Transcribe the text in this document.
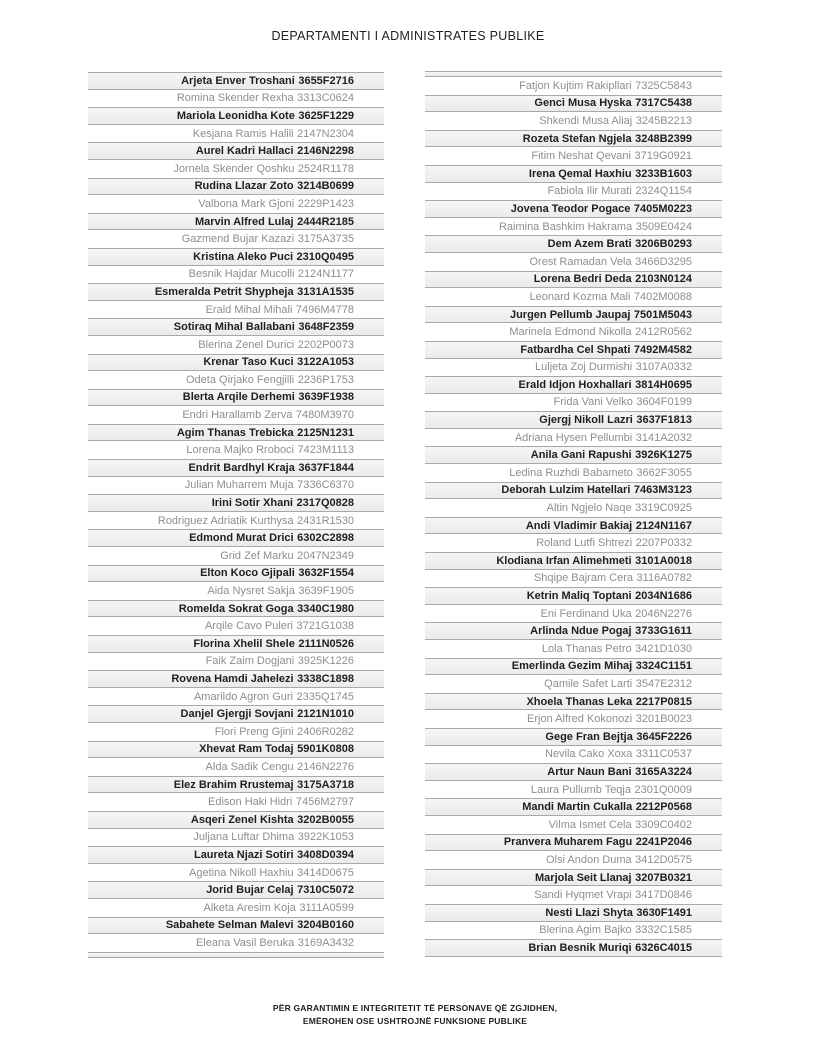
DEPARTAMENTI I ADMINISTRATES PUBLIKE
Arjeta Enver Troshani 3655F2716
Romina Skender Rexha 3313C0624
Mariola Leonidha Kote 3625F1229
Kesjana Ramis Halili 2147N2304
Aurel Kadri Hallaci 2146N2298
Jornela Skender Qoshku 2524R1178
Rudina Llazar Zoto 3214B0699
Valbona Mark Gjoni 2229P1423
Marvin Alfred Lulaj 2444R2185
Gazmend Bujar Kazazi 3175A3735
Kristina Aleko Puci 2310Q0495
Besnik Hajdar Mucolli 2124N1177
Esmeralda Petrit Shypheja 3131A1535
Erald Mihal Mihali 7496M4778
Sotiraq Mihal Ballabani 3648F2359
Blerina Zenel Durici 2202P0073
Krenar Taso Kuci 3122A1053
Odeta Qirjako Fengjilli 2236P1753
Blerta Arqile Derhemi 3639F1938
Endri Harallamb Zerva 7480M3970
Agim Thanas Trebicka 2125N1231
Lorena Majko Rroboci 7423M1113
Endrit Bardhyl Kraja 3637F1844
Julian Muharrem Muja 7336C6370
Irini Sotir Xhani 2317Q0828
Rodriguez Adriatik Kurthysa 2431R1530
Edmond Murat Drici 6302C2898
Grid Zef Marku 2047N2349
Elton Koco Gjipali 3632F1554
Aida Nysret Sakja 3639F1905
Romelda Sokrat Goga 3340C1980
Arqile Cavo Puleri 3721G1038
Florina Xhelil Shele 2111N0526
Faik Zaim Dogjani 3925K1226
Rovena Hamdi Jahelezi 3338C1898
Amarildo Agron Guri 2335Q1745
Danjel Gjergji Sovjani 2121N1010
Flori Preng Gjini 2406R0282
Xhevat Ram Todaj 5901K0808
Alda Sadik Cengu 2146N2276
Elez Brahim Rrustemaj 3175A3718
Edison Haki Hidri 7456M2797
Asqeri Zenel Kishta 3202B0055
Juljana Luftar Dhima 3922K1053
Laureta Njazi Sotiri 3408D0394
Agetina Nikoll Haxhiu 3414D0675
Jorid Bujar Celaj 7310C5072
Alketa Aresim Koja 3111A0599
Sabahete Selman Malevi 3204B0160
Eleana Vasil Beruka 3169A3432
Fatjon Kujtim Rakipllari 7325C5843
Genci Musa Hyska 7317C5438
Shkendi Musa Aliaj 3245B2213
Rozeta Stefan Ngjela 3248B2399
Fitim Neshat Qevani 3719G0921
Irena Qemal Haxhiu 3233B1603
Fabiola Ilir Murati 2324Q1154
Jovena Teodor Pogace 7405M0223
Raimina Bashkim Hakrama 3509E0424
Dem Azem Brati 3206B0293
Orest Ramadan Vela 3466D3295
Lorena Bedri Deda 2103N0124
Leonard Kozma Mali 7402M0088
Jurgen Pellumb Jaupaj 7501M5043
Marinela Edmond Nikolla 2412R0562
Fatbardha Cel Shpati 7492M4582
Luljeta Zoj Durmishi 3107A0332
Erald Idjon Hoxhallari 3814H0695
Frida Vani Velko 3604F0199
Gjergj Nikoll Lazri 3637F1813
Adriana Hysen Pellumbi 3141A2032
Anila Gani Rapushi 3926K1275
Ledina Ruzhdi Babameto 3662F3055
Deborah Lulzim Hatellari 7463M3123
Altin Ngjelo Naqe 3319C0925
Andi Vladimir Bakiaj 2124N1167
Roland Lutfi Shtrezi 2207P0332
Klodiana Irfan Alimehmeti 3101A0018
Shqipe Bajram Cera 3116A0782
Ketrin Maliq Toptani 2034N1686
Eni Ferdinand Uka 2046N2276
Arlinda Ndue Pogaj 3733G1611
Lola Thanas Petro 3421D1030
Emerlinda Gezim Mihaj 3324C1151
Qamile Safet Larti 3547E2312
Xhoela Thanas Leka 2217P0815
Erjon Alfred Kokonozi 3201B0023
Gege Fran Bejtja 3645F2226
Nevila Cako Xoxa 3311C0537
Artur Naun Bani 3165A3224
Laura Pullumb Teqja 2301Q0009
Mandi Martin Cukalla 2212P0568
Vilma Ismet Cela 3309C0402
Pranvera Muharem Fagu 2241P2046
Olsi Andon Duma 3412D0575
Marjola Seit Llanaj 3207B0321
Sandi Hyqmet Vrapi 3417D0846
Nesti Llazi Shyta 3630F1491
Blerina Agim Bajko 3332C1585
Brian Besnik Muriqi 6326C4015
PËR GARANTIMIN E INTEGRITETIT TË PERSONAVE QË ZGJIDHEN,
EMËROHEN OSE USHTROJNË FUNKSIONE PUBLIKE
